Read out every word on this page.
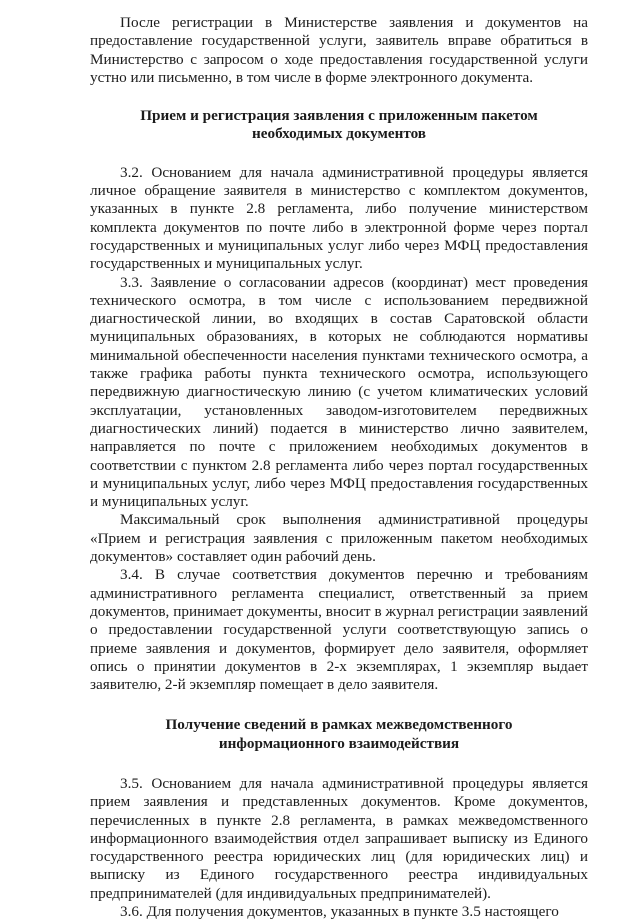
После регистрации в Министерстве заявления и документов на предоставление государственной услуги, заявитель вправе обратиться в Министерство с запросом о ходе предоставления государственной услуги устно или письменно, в том числе в форме электронного документа.

Прием и регистрация заявления с приложенным пакетом
необходимых документов

3.2. Основанием для начала административной процедуры является личное обращение заявителя в министерство с комплектом документов, указанных в пункте 2.8 регламента, либо получение министерством комплекта документов по почте либо в электронной форме через портал государственных и муниципальных услуг либо через МФЦ предоставления государственных и муниципальных услуг.

3.3. Заявление о согласовании адресов (координат) мест проведения технического осмотра, в том числе с использованием передвижной диагностической линии, во входящих в состав Саратовской области муниципальных образованиях, в которых не соблюдаются нормативы минимальной обеспеченности населения пунктами технического осмотра, а также графика работы пункта технического осмотра, использующего передвижную диагностическую линию (с учетом климатических условий эксплуатации, установленных заводом-изготовителем передвижных диагностических линий) подается в министерство лично заявителем, направляется по почте с приложением необходимых документов в соответствии с пунктом 2.8 регламента либо через портал государственных и муниципальных услуг, либо через МФЦ предоставления государственных и муниципальных услуг.

Максимальный срок выполнения административной процедуры «Прием и регистрация заявления с приложенным пакетом необходимых документов» составляет один рабочий день.

3.4. В случае соответствия документов перечню и требованиям административного регламента специалист, ответственный за прием документов, принимает документы, вносит в журнал регистрации заявлений о предоставлении государственной услуги соответствующую запись о приеме заявления и документов, формирует дело заявителя, оформляет опись о принятии документов в 2-х экземплярах, 1 экземпляр выдает заявителю, 2-й экземпляр помещает в дело заявителя.

Получение сведений в рамках межведомственного
информационного взаимодействия

3.5. Основанием для начала административной процедуры является прием заявления и представленных документов. Кроме документов, перечисленных в пункте 2.8 регламента, в рамках межведомственного информационного взаимодействия отдел запрашивает выписку из Единого государственного реестра юридических лиц (для юридических лиц) и выписку из Единого государственного реестра индивидуальных предпринимателей (для индивидуальных предпринимателей).

3.6. Для получения документов, указанных в пункте 3.5 настоящего
